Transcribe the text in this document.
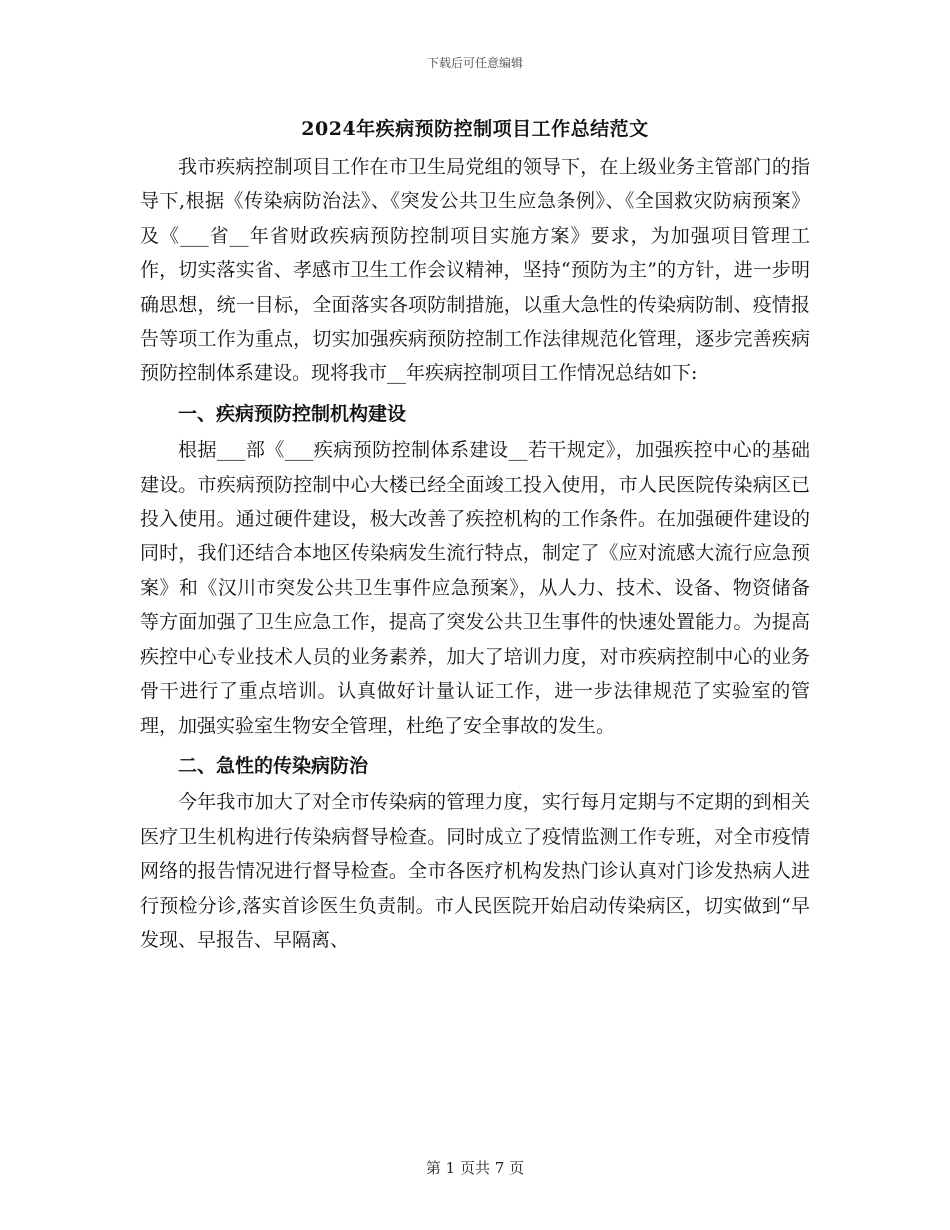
下载后可任意编辑
2024年疾病预防控制项目工作总结范文

我市疾病控制项目工作在市卫生局党组的领导下，在上级业务主管部门的指导下,根据《传染病防治法》、《突发公共卫生应急条例》、《全国救灾防病预案》及《___省__年省财政疾病预防控制项目实施方案》要求，为加强项目管理工作，切实落实省、孝感市卫生工作会议精神，坚持“预防为主”的方针，进一步明确思想，统一目标，全面落实各项防制措施，以重大急性的传染病防制、疫情报告等项工作为重点，切实加强疾病预防控制工作法律规范化管理，逐步完善疾病预防控制体系建设。现将我市__年疾病控制项目工作情况总结如下:

一、疾病预防控制机构建设

根据___部《___疾病预防控制体系建设__若干规定》，加强疾控中心的基础建设。市疾病预防控制中心大楼已经全面竣工投入使用，市人民医院传染病区已投入使用。通过硬件建设，极大改善了疾控机构的工作条件。在加强硬件建设的同时，我们还结合本地区传染病发生流行特点，制定了《应对流感大流行应急预案》和《汉川市突发公共卫生事件应急预案》，从人力、技术、设备、物资储备等方面加强了卫生应急工作，提高了突发公共卫生事件的快速处置能力。为提高疾控中心专业技术人员的业务素养，加大了培训力度，对市疾病控制中心的业务骨干进行了重点培训。认真做好计量认证工作，进一步法律规范了实验室的管理，加强实验室生物安全管理，杜绝了安全事故的发生。

二、急性的传染病防治

今年我市加大了对全市传染病的管理力度，实行每月定期与不定期的到相关医疗卫生机构进行传染病督导检查。同时成立了疫情监测工作专班，对全市疫情网络的报告情况进行督导检查。全市各医疗机构发热门诊认真对门诊发热病人进行预检分诊,落实首诊医生负责制。市人民医院开始启动传染病区，切实做到“早发现、早报告、早隔离、

第 1 页共 7 页
